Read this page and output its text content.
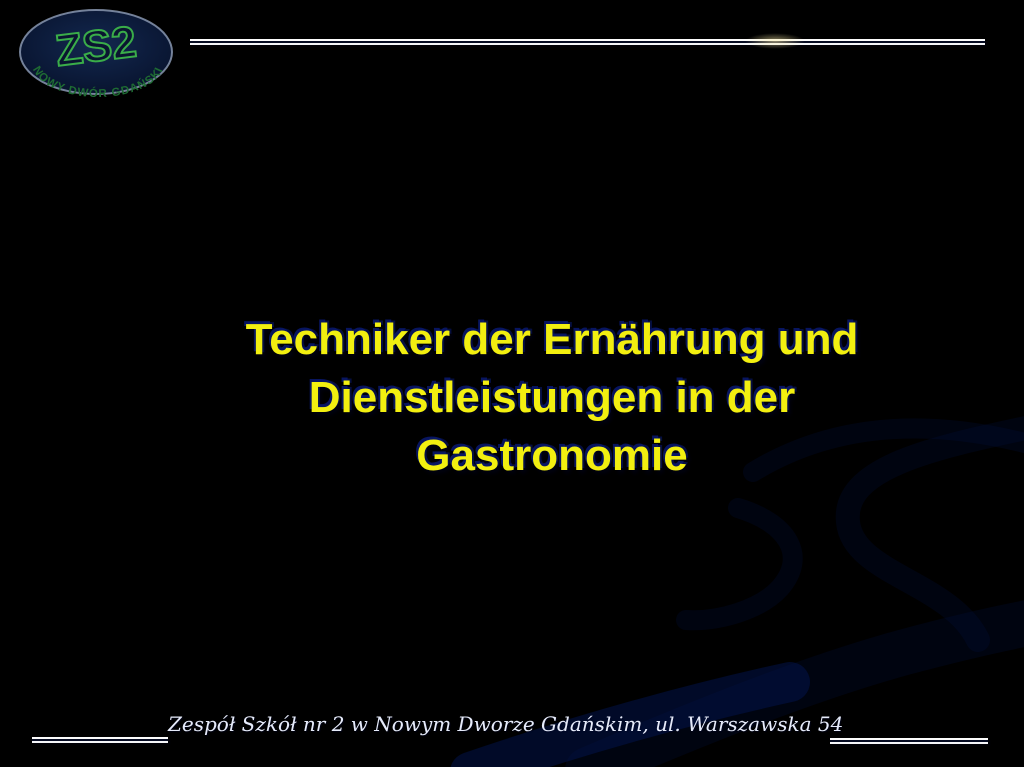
ZS2
NOWY DWÓR GDAŃSKI
Techniker der Ernährung und
Dienstleistungen in der
Gastronomie
Zespół Szkół nr 2 w Nowym Dworze Gdańskim, ul. Warszawska 54
